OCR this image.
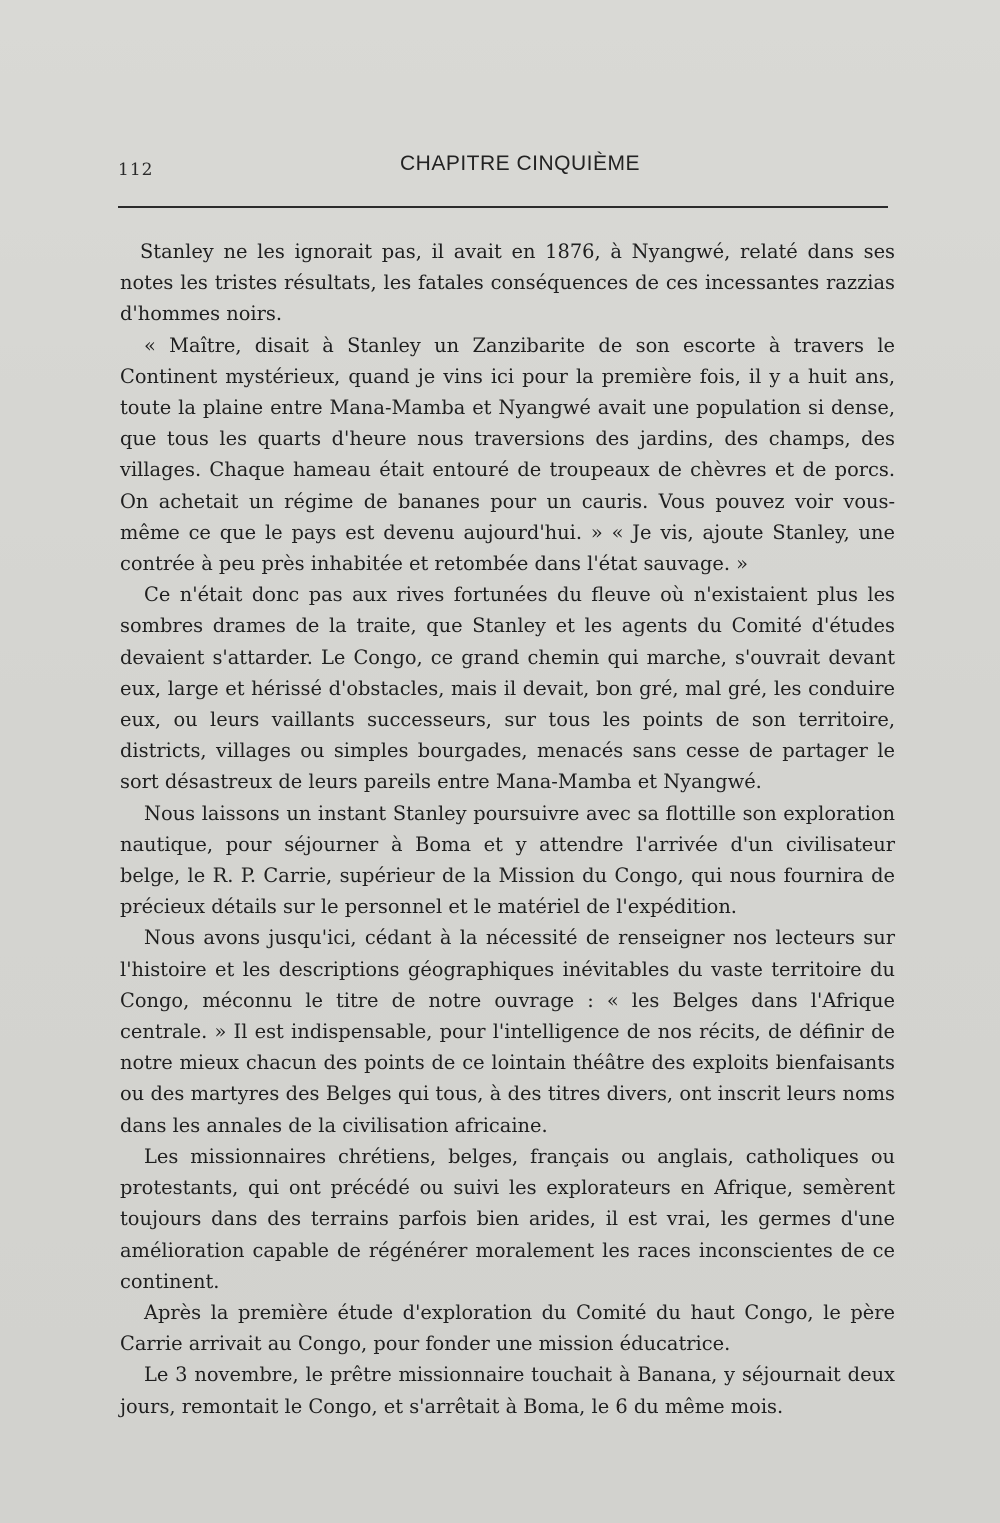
112	CHAPITRE CINQUIÈME

Stanley ne les ignorait pas, il avait en 1876, à Nyangwé, relaté dans ses notes les tristes résultats, les fatales conséquences de ces incessantes razzias d'hommes noirs.

« Maître, disait à Stanley un Zanzibarite de son escorte à travers le Continent mystérieux, quand je vins ici pour la première fois, il y a huit ans, toute la plaine entre Mana-Mamba et Nyangwé avait une population si dense, que tous les quarts d'heure nous traversions des jardins, des champs, des villages. Chaque hameau était entouré de troupeaux de chèvres et de porcs. On achetait un régime de bananes pour un cauris. Vous pouvez voir vous-même ce que le pays est devenu aujourd'hui. » « Je vis, ajoute Stanley, une contrée à peu près inhabitée et retombée dans l'état sauvage. »

Ce n'était donc pas aux rives fortunées du fleuve où n'existaient plus les sombres drames de la traite, que Stanley et les agents du Comité d'études devaient s'attarder. Le Congo, ce grand chemin qui marche, s'ouvrait devant eux, large et hérissé d'obstacles, mais il devait, bon gré, mal gré, les conduire eux, ou leurs vaillants successeurs, sur tous les points de son territoire, districts, villages ou simples bourgades, menacés sans cesse de partager le sort désastreux de leurs pareils entre Mana-Mamba et Nyangwé.

Nous laissons un instant Stanley poursuivre avec sa flottille son exploration nautique, pour séjourner à Boma et y attendre l'arrivée d'un civilisateur belge, le R. P. Carrie, supérieur de la Mission du Congo, qui nous fournira de précieux détails sur le personnel et le matériel de l'expédition.

Nous avons jusqu'ici, cédant à la nécessité de renseigner nos lecteurs sur l'histoire et les descriptions géographiques inévitables du vaste territoire du Congo, méconnu le titre de notre ouvrage : « les Belges dans l'Afrique centrale. » Il est indispensable, pour l'intelligence de nos récits, de définir de notre mieux chacun des points de ce lointain théâtre des exploits bienfaisants ou des martyres des Belges qui tous, à des titres divers, ont inscrit leurs noms dans les annales de la civilisation africaine.

Les missionnaires chrétiens, belges, français ou anglais, catholiques ou protestants, qui ont précédé ou suivi les explorateurs en Afrique, semèrent toujours dans des terrains parfois bien arides, il est vrai, les germes d'une amélioration capable de régénérer moralement les races inconscientes de ce continent.

Après la première étude d'exploration du Comité du haut Congo, le père Carrie arrivait au Congo, pour fonder une mission éducatrice.

Le 3 novembre, le prêtre missionnaire touchait à Banana, y séjournait deux jours, remontait le Congo, et s'arrêtait à Boma, le 6 du même mois.
